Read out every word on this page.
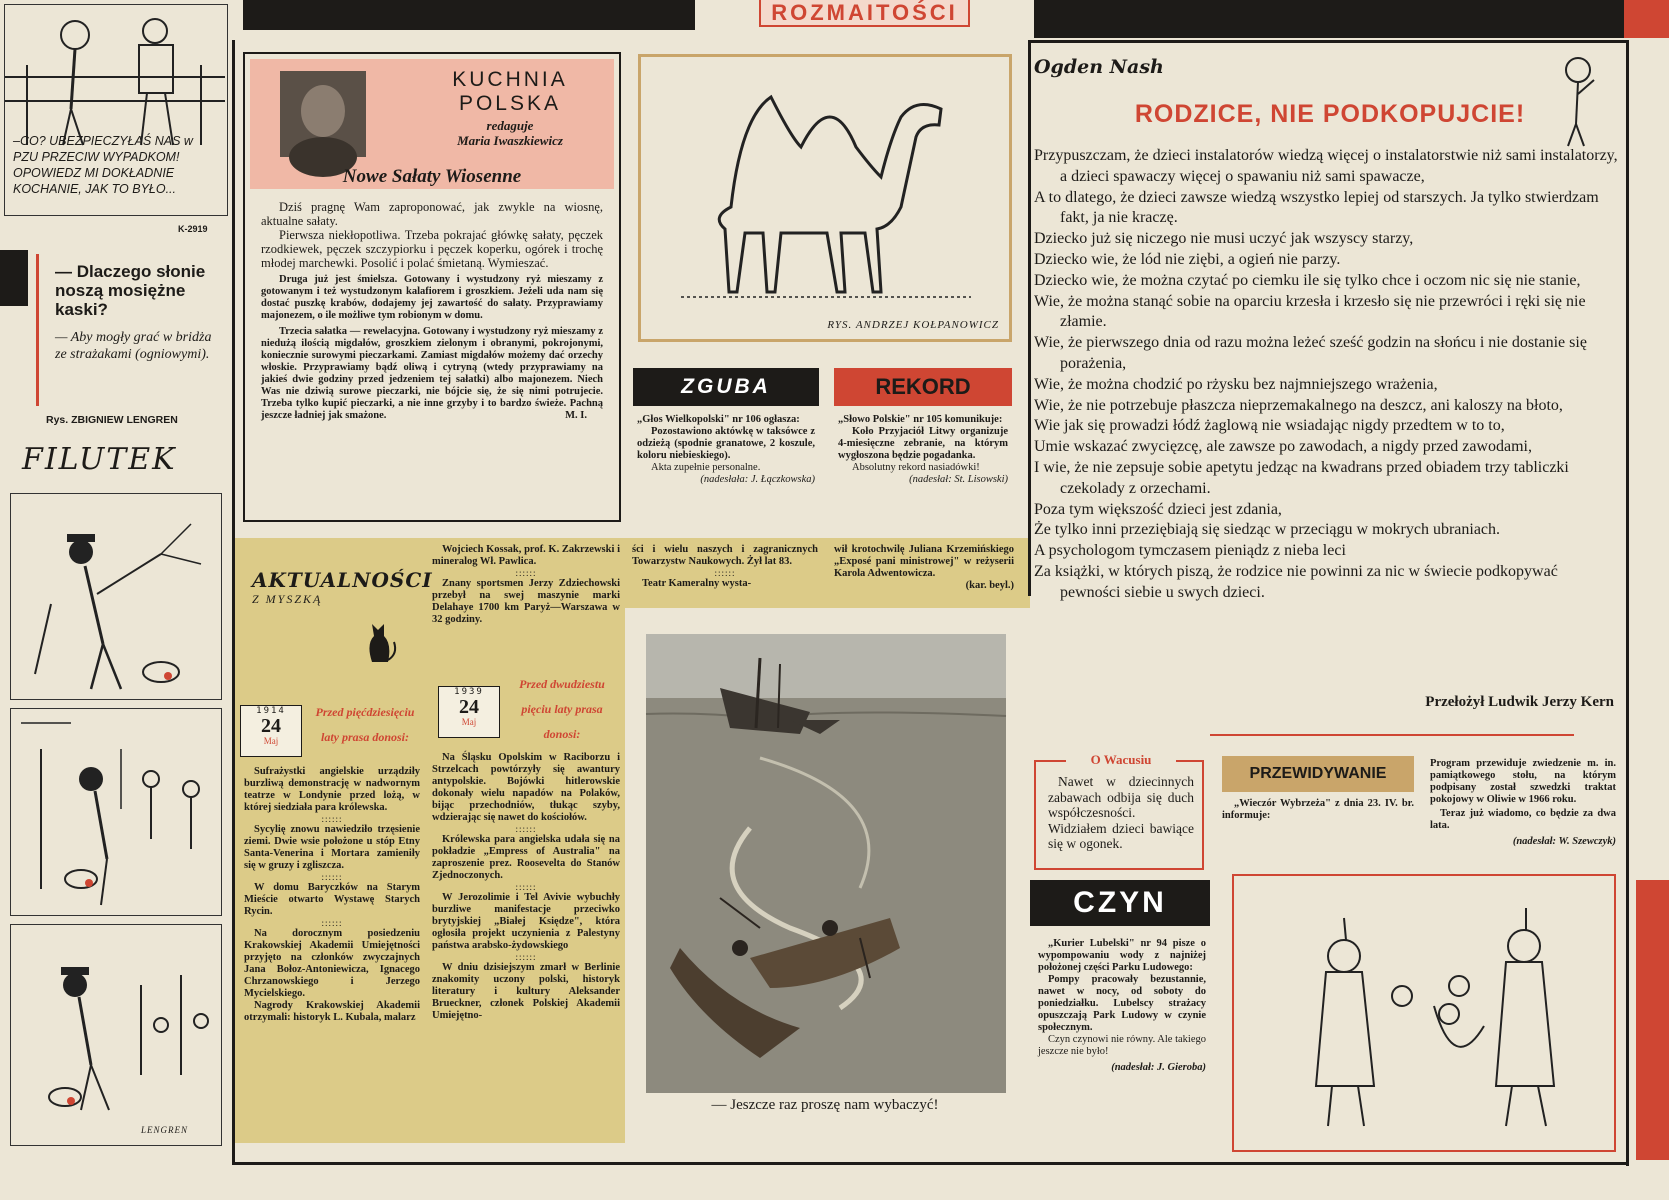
ROZMAITOŚCI
–CO? UBEZPIECZYŁAŚ NAS w PZU PRZECIW WYPADKOM! OPOWIEDZ MI DOKŁADNIE KOCHANIE, JAK TO BYŁO...
K-2919

— Dlaczego słonie noszą mosiężne kaski?

— Aby mogły grać w bridża ze strażakami (ogniowymi).

Rys. ZBIGNIEW LENGREN
FILUTEK
LENGREN
KUCHNIA
POLSKA
redaguje
Maria Iwaszkiewicz
Nowe Sałaty Wiosenne

Dziś pragnę Wam zaproponować, jak zwykle na wiosnę, aktualne sałaty.

Pierwsza niekłopotliwa. Trzeba pokrajać główkę sałaty, pęczek rzodkiewek, pęczek szczypiorku i pęczek koperku, ogórek i trochę młodej marchewki. Posolić i polać śmietaną. Wymieszać.

Druga już jest śmielsza. Gotowany i wystudzony ryż mieszamy z gotowanym i też wystudzonym kalafiorem i groszkiem. Jeżeli uda nam się dostać puszkę krabów, dodajemy jej zawartość do sałaty. Przyprawiamy majonezem, o ile możliwe tym robionym w domu.

Trzecia sałatka — rewelacyjna. Gotowany i wystudzony ryż mieszamy z niedużą ilością migdałów, groszkiem zielonym i obranymi, pokrojonymi, koniecznie surowymi pieczarkami. Zamiast migdałów możemy dać orzechy włoskie. Przyprawiamy bądź oliwą i cytryną (wtedy przyprawiamy na jakieś dwie godziny przed jedzeniem tej sałatki) albo majonezem. Niech Was nie dziwią surowe pieczarki, nie bójcie się, że się nimi potrujecie. Trzeba tylko kupić pieczarki, a nie inne grzyby i to bardzo świeże. Pachną jeszcze ładniej jak smażone.	M. I.

RYS. ANDRZEJ KOŁPANOWICZ
ZGUBA

„Głos Wielkopolski" nr 106 ogłasza:

Pozostawiono aktówkę w taksówce z odzieżą (spodnie granatowe, 2 koszule, koloru niebieskiego).

Akta zupełnie personalne.

(nadesłała: J. Łączkowska)

REKORD

„Słowo Polskie" nr 105 komunikuje:

Koło Przyjaciół Litwy organizuje 4-miesięczne zebranie, na którym wygłoszona będzie pogadanka.

Absolutny rekord nasiadówki!

(nadesłał: St. Lisowski)

AKTUALNOŚCI
Z MYSZKĄ
1914
24
Maj
Przed pięćdziesięciu laty prasa donosi:

Sufrażystki angielskie urządziły burzliwą demonstrację w nadwornym teatrze w Londynie przed lożą, w której siedziała para królewska.

::::::

Sycylię znowu nawiedziło trzęsienie ziemi. Dwie wsie położone u stóp Etny Santa-Venerina i Mortara zamieniły się w gruzy i zgliszcza.

::::::

W domu Baryczków na Starym Mieście otwarto Wystawę Starych Rycin.

::::::

Na dorocznym posiedzeniu Krakowskiej Akademii Umiejętności przyjęto na członków zwyczajnych Jana Bołoz-Antoniewicza, Ignacego Chrzanowskiego i Jerzego Mycielskiego.

Nagrody Krakowskiej Akademii otrzymali: historyk L. Kubala, malarz

Wojciech Kossak, prof. K. Zakrzewski i mineralog Wł. Pawlica.

::::::

Znany sportsmen Jerzy Zdziechowski przebył na swej maszynie marki Delahaye 1700 km Paryż—Warszawa w 32 godziny.

1939
24
Maj
Przed dwudziestu pięciu laty prasa donosi:

Na Śląsku Opolskim w Raciborzu i Strzelcach powtórzyły się awantury antypolskie. Bojówki hitlerowskie dokonały wielu napadów na Polaków, bijąc przechodniów, tłukąc szyby, wdzierając się nawet do kościołów.

::::::

Królewska para angielska udała się na pokładzie „Empress of Australia" na zaproszenie prez. Roosevelta do Stanów Zjednoczonych.

::::::

W Jerozolimie i Tel Avivie wybuchły burzliwe manifestacje przeciwko brytyjskiej „Białej Księdze", która ogłosiła projekt uczynienia z Palestyny państwa arabsko-żydowskiego

::::::

W dniu dzisiejszym zmarł w Berlinie znakomity uczony polski, historyk literatury i kultury Aleksander Brueckner, członek Polskiej Akademii Umiejętno-

ści i wielu naszych i zagranicznych Towarzystw Naukowych. Żył lat 83.

::::::

Teatr Kameralny wysta-

wił krotochwilę Juliana Krzemińskiego „Exposé pani ministrowej" w reżyserii Karola Adwentowicza.

(kar. beyl.)

— Jeszcze raz proszę nam wybaczyć!
Ogden Nash
RODZICE, NIE PODKOPUJCIE!

Przypuszczam, że dzieci instalatorów wiedzą więcej o instalatorstwie niż sami instalatorzy, a dzieci spawaczy więcej o spawaniu niż sami spawacze,

A to dlatego, że dzieci zawsze wiedzą wszystko lepiej od starszych. Ja tylko stwierdzam fakt, ja nie kraczę.

Dziecko już się niczego nie musi uczyć jak wszyscy starzy,

Dziecko wie, że lód nie ziębi, a ogień nie parzy.

Dziecko wie, że można czytać po ciemku ile się tylko chce i oczom nic się nie stanie,

Wie, że można stanąć sobie na oparciu krzesła i krzesło się nie przewróci i ręki się nie złamie.

Wie, że pierwszego dnia od razu można leżeć sześć godzin na słońcu i nie dostanie się porażenia,

Wie, że można chodzić po rżysku bez najmniejszego wrażenia,

Wie, że nie potrzebuje płaszcza nieprzemakalnego na deszcz, ani kaloszy na błoto,

Wie jak się prowadzi łódź żaglową nie wsiadając nigdy przedtem w to to,

Umie wskazać zwycięzcę, ale zawsze po zawodach, a nigdy przed zawodami,

I wie, że nie zepsuje sobie apetytu jedząc na kwadrans przed obiadem trzy tabliczki czekolady z orzechami.

Poza tym większość dzieci jest zdania,

Że tylko inni przeziębiają się siedząc w przeciągu w mokrych ubraniach.

A psychologom tymczasem pieniądz z nieba leci

Za książki, w których piszą, że rodzice nie powinni za nic w świecie podkopywać pewności siebie u swych dzieci.

Przełożył Ludwik Jerzy Kern
O Wacusiu

Nawet w dziecinnych zabawach odbija się duch współczesności. Widziałem dzieci bawiące się w ogonek.

PRZEWIDYWANIE

„Wieczór Wybrzeża" z dnia 23. IV. br. informuje:

Program przewiduje zwiedzenie m. in. pamiątkowego stołu, na którym podpisany został szwedzki traktat pokojowy w Oliwie w 1966 roku.

Teraz już wiadomo, co będzie za dwa lata.

(nadesłał: W. Szewczyk)

CZYN

„Kurier Lubelski" nr 94 pisze o wypompowaniu wody z najniżej położonej części Parku Ludowego:

Pompy pracowały bezustannie, nawet w nocy, od soboty do poniedziałku. Lubelscy strażacy opuszczają Park Ludowy w czynie społecznym.

Czyn czynowi nie równy. Ale takiego jeszcze nie było!

(nadesłał: J. Gieroba)
